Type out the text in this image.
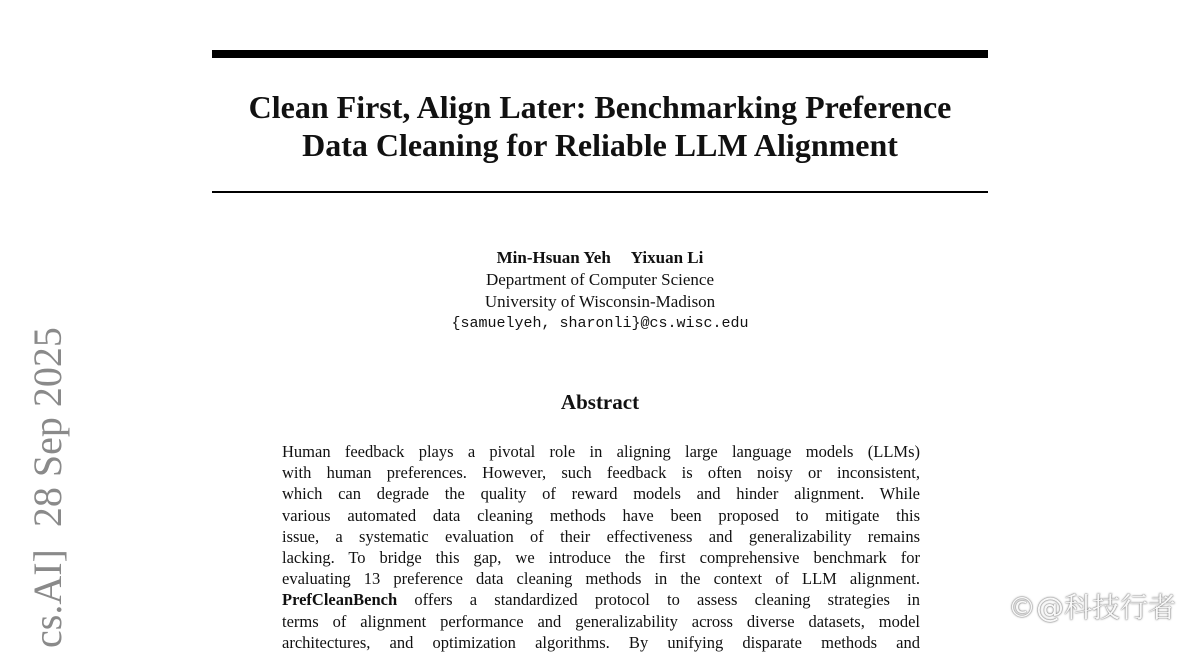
Clean First, Align Later: Benchmarking Preference
Data Cleaning for Reliable LLM Alignment
Min-Hsuan Yeh Yixuan Li
Department of Computer Science
University of Wisconsin-Madison
{samuelyeh, sharonli}@cs.wisc.edu
Abstract
Human feedback plays a pivotal role in aligning large language models (LLMs)
with human preferences. However, such feedback is often noisy or inconsistent,
which can degrade the quality of reward models and hinder alignment. While
various automated data cleaning methods have been proposed to mitigate this
issue, a systematic evaluation of their effectiveness and generalizability remains
lacking. To bridge this gap, we introduce the first comprehensive benchmark for
evaluating 13 preference data cleaning methods in the context of LLM alignment.
PrefCleanBench offers a standardized protocol to assess cleaning strategies in
terms of alignment performance and generalizability across diverse datasets, model
architectures, and optimization algorithms. By unifying disparate methods and
cs.AI]28 Sep 2025
©@科技行者
